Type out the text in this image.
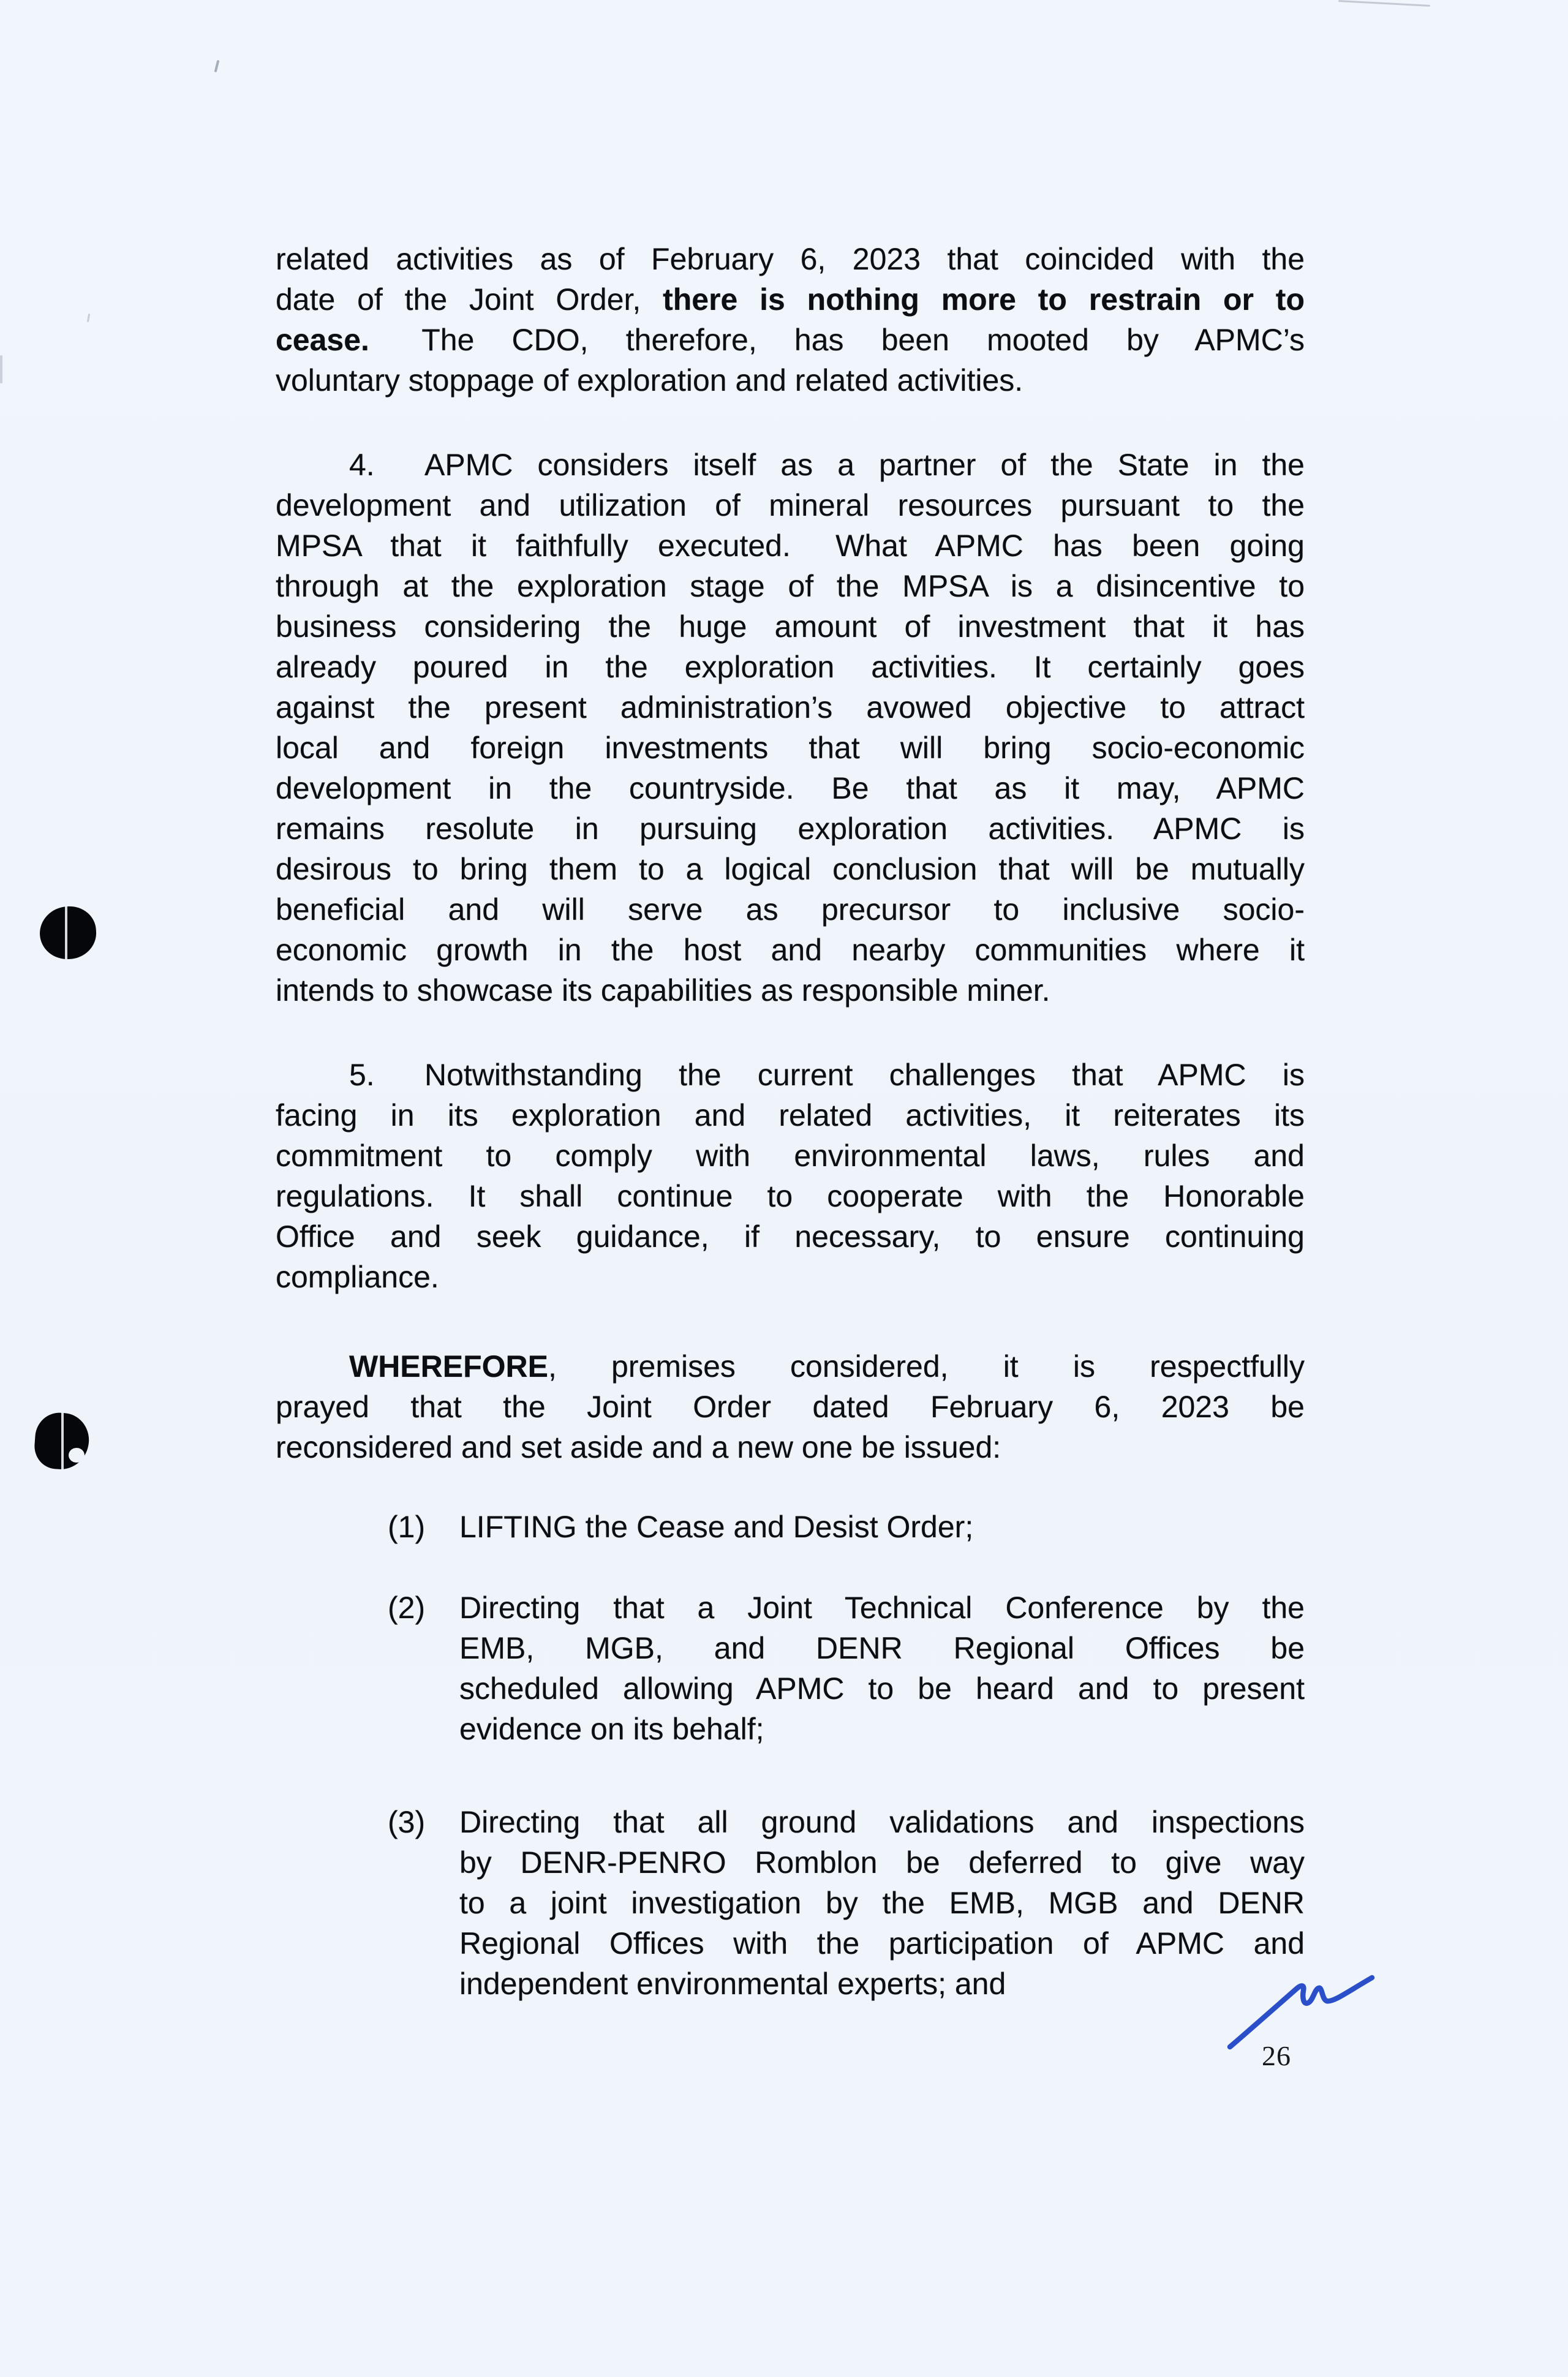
related activities as of February 6, 2023 that coincided with the
date of the Joint Order, there is nothing more to restrain or to
cease.  The CDO, therefore, has been mooted by APMC’s
voluntary stoppage of exploration and related activities.
4. APMC considers itself as a partner of the State in the
development and utilization of mineral resources pursuant to the
MPSA that it faithfully executed.  What APMC has been going
through at the exploration stage of the MPSA is a disincentive to
business considering the huge amount of investment that it has
already poured in the exploration activities. It certainly goes
against the present administration’s avowed objective to attract
local and foreign investments that will bring socio-economic
development in the countryside. Be that as it may, APMC
remains resolute in pursuing exploration activities. APMC is
desirous to bring them to a logical conclusion that will be mutually
beneficial and will serve as precursor to inclusive socio-
economic growth in the host and nearby communities where it
intends to showcase its capabilities as responsible miner.
5. Notwithstanding the current challenges that APMC is
facing in its exploration and related activities, it reiterates its
commitment to comply with environmental laws, rules and
regulations. It shall continue to cooperate with the Honorable
Office and seek guidance, if necessary, to ensure continuing
compliance.
WHEREFORE, premises considered, it is respectfully
prayed that the Joint Order dated February 6, 2023 be
reconsidered and set aside and a new one be issued:
(1) LIFTING the Cease and Desist Order;
(2) Directing that a Joint Technical Conference by the
EMB, MGB, and DENR Regional Offices be
scheduled allowing APMC to be heard and to present
evidence on its behalf;
(3) Directing that all ground validations and inspections
by DENR-PENRO Romblon be deferred to give way
to a joint investigation by the EMB, MGB and DENR
Regional Offices with the participation of APMC and
independent environmental experts; and
26
